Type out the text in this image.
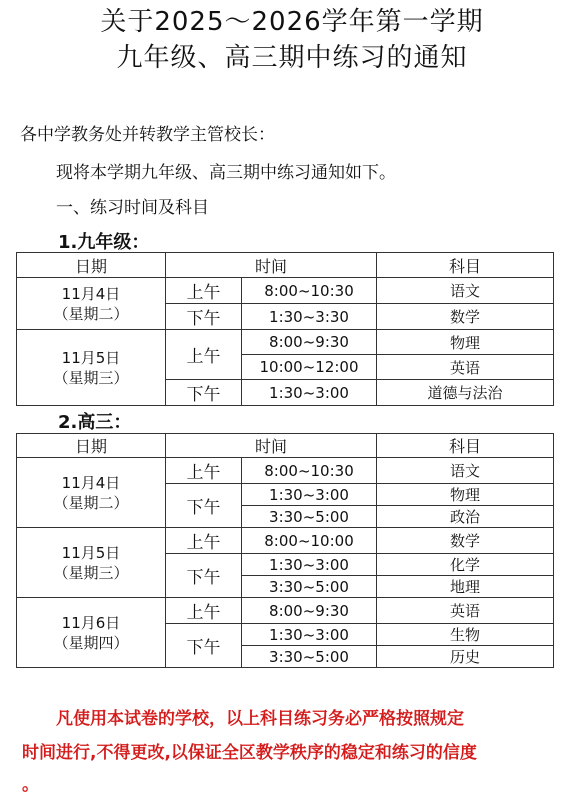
关于2025～2026学年第一学期
九年级、高三期中练习的通知
各中学教务处并转教学主管校长：
现将本学期九年级、高三期中练习通知如下。
一、练习时间及科目
1.九年级：
日期	时间		科目

11月4日
（星期二）	上午	8:00~10:30	语文
	下午	1:30~3:30	数学

11月5日
（星期三）	上午	8:00~9:30	物理
		10:00~12:00	英语
	下午	1:30~3:00	道德与法治
2.高三：
日期	时间		科目

11月4日
（星期二）	上午	8:00~10:30	语文
	下午	1:30~3:00	物理
		3:30~5:00	政治

11月5日
（星期三）	上午	8:00~10:00	数学
	下午	1:30~3:00	化学
		3:30~5:00	地理

11月6日
（星期四）	上午	8:00~9:30	英语
	下午	1:30~3:00	生物
		3:30~5:00	历史
凡使用本试卷的学校，以上科目练习务必严格按照规定
时间进行,不得更改,以保证全区教学秩序的稳定和练习的信度
。
